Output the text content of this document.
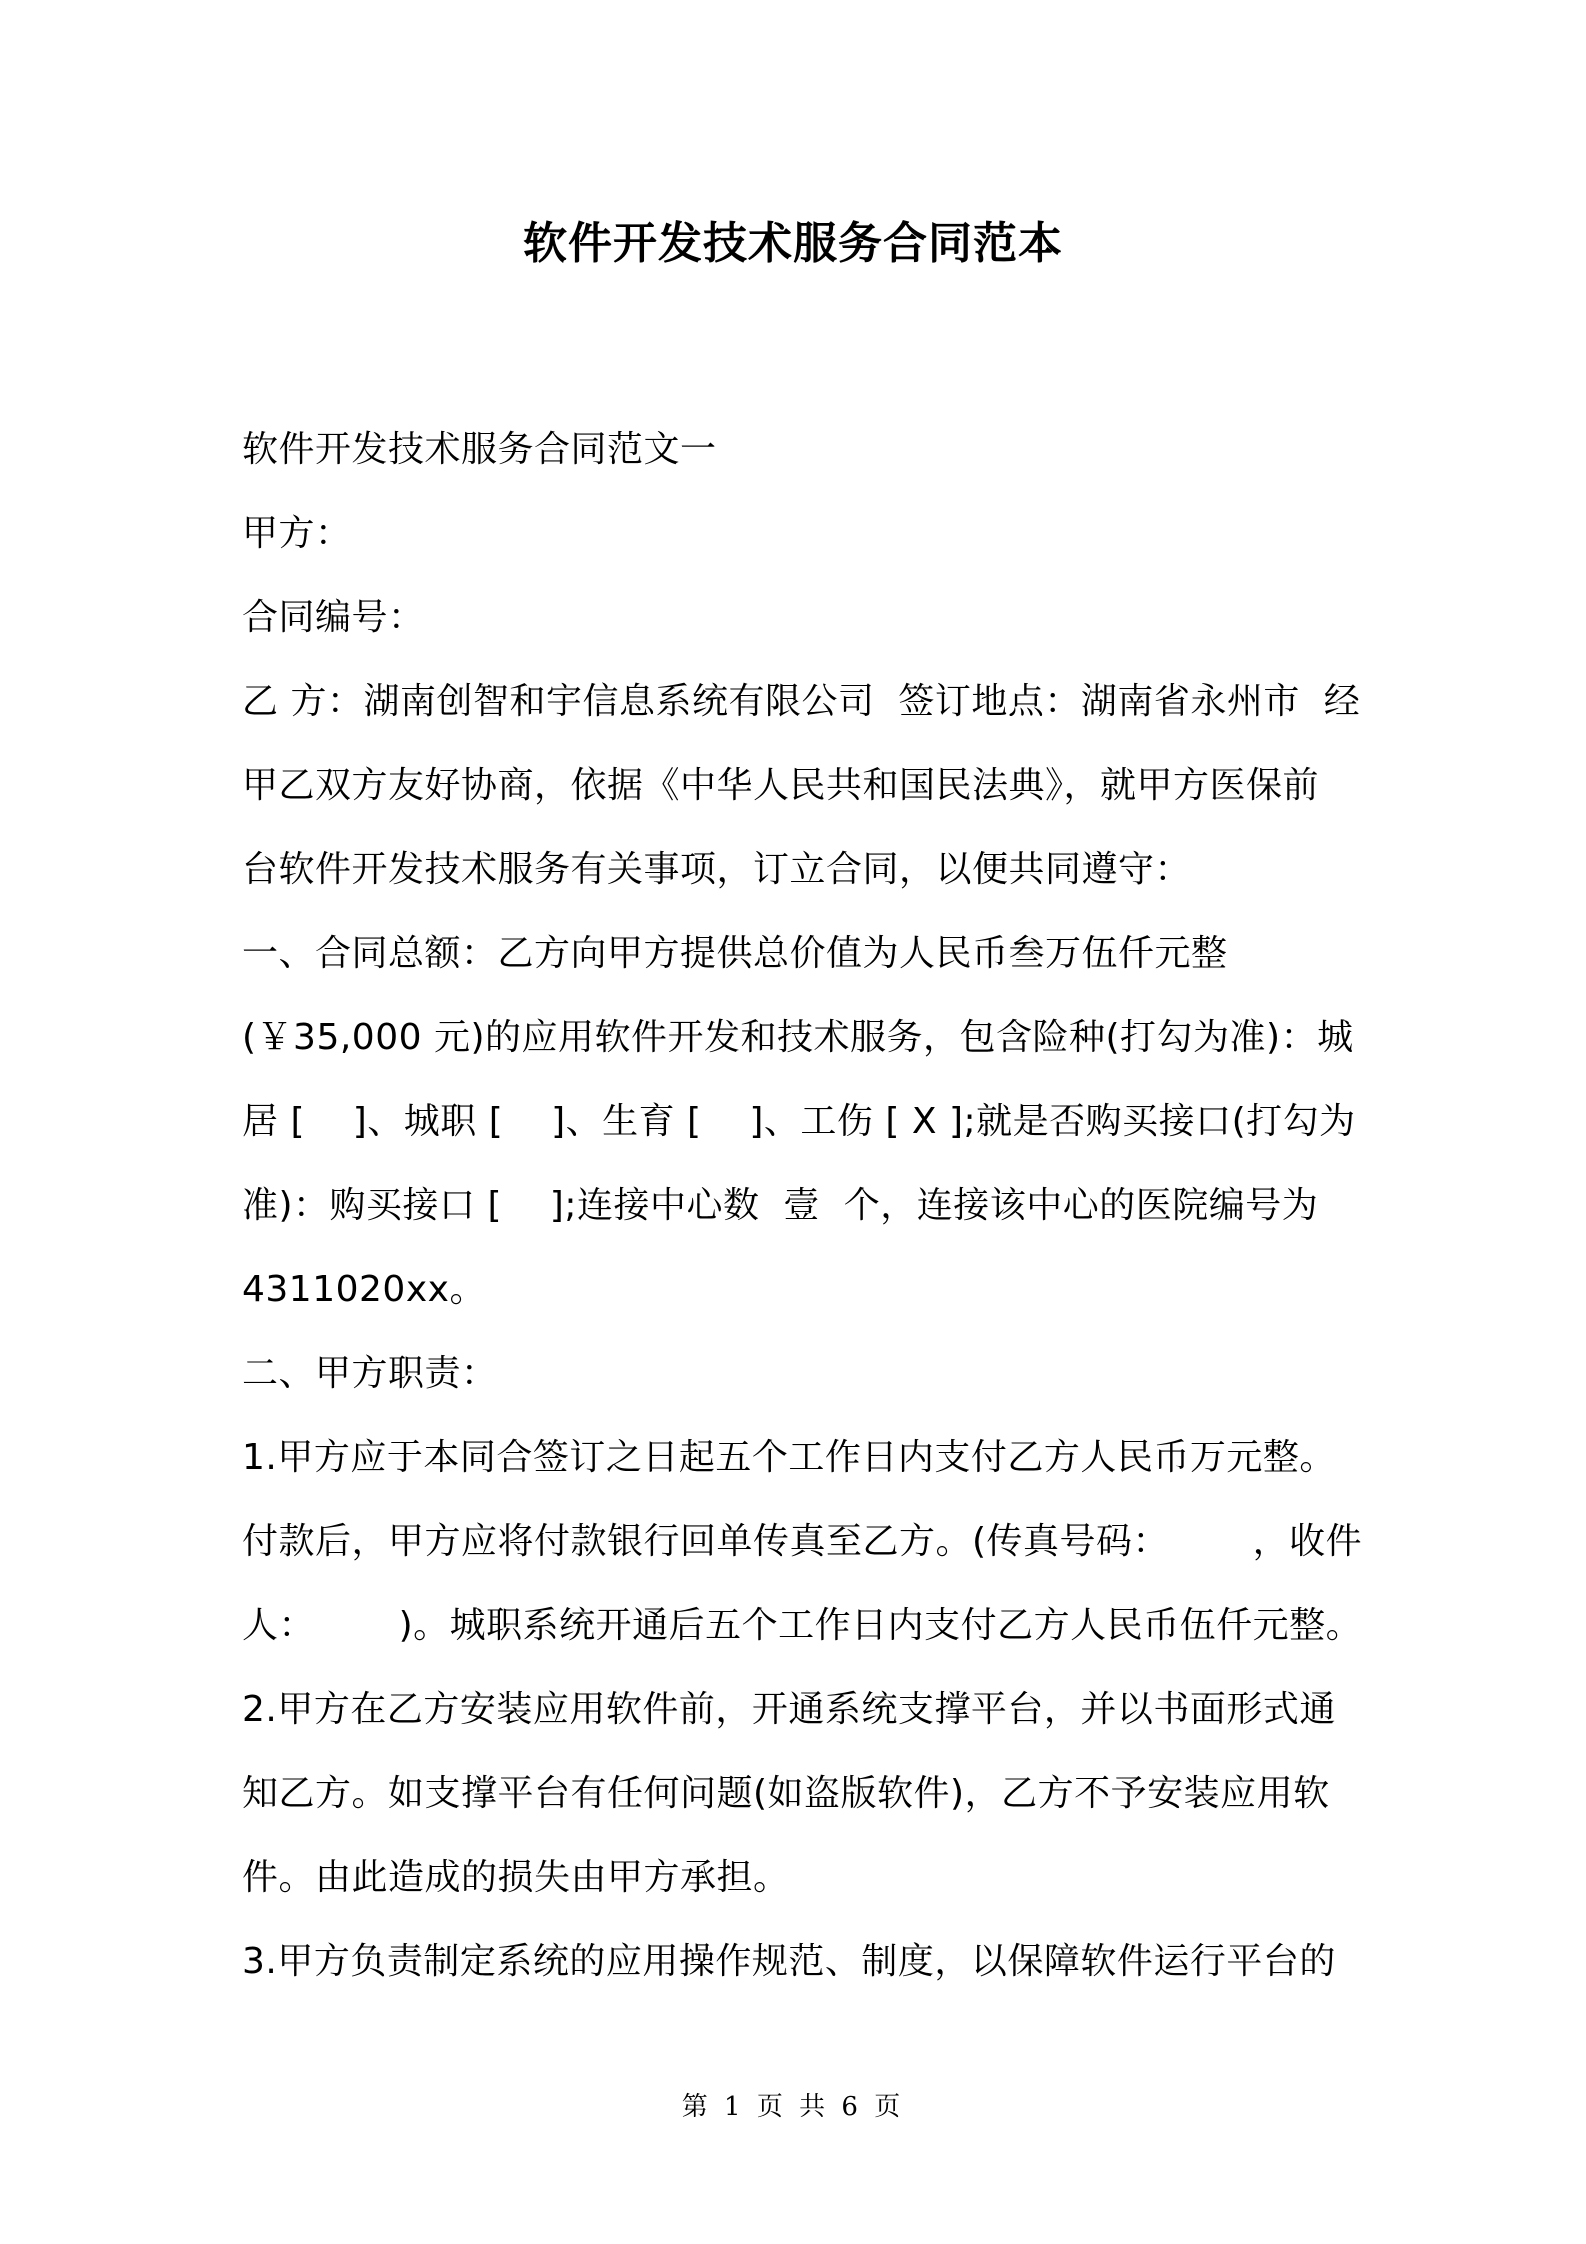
软件开发技术服务合同范本
软件开发技术服务合同范文一
甲方：
合同编号：
乙 方：湖南创智和宇信息系统有限公司  签订地点：湖南省永州市  经
甲乙双方友好协商，依据《中华人民共和国民法典》，就甲方医保前
台软件开发技术服务有关事项，订立合同，以便共同遵守：
一、合同总额：乙方向甲方提供总价值为人民币叁万伍仟元整
(￥35,000 元)的应用软件开发和技术服务，包含险种(打勾为准)：城
居 [    ]、城职 [    ]、生育 [    ]、工伤 [ X ];就是否购买接口(打勾为
准)：购买接口 [    ];连接中心数  壹  个，连接该中心的医院编号为
4311020xx。
二、甲方职责：
1.甲方应于本同合签订之日起五个工作日内支付乙方人民币万元整。
付款后，甲方应将付款银行回单传真至乙方。(传真号码：       ，收件
人：       )。城职系统开通后五个工作日内支付乙方人民币伍仟元整。
2.甲方在乙方安装应用软件前，开通系统支撑平台，并以书面形式通
知乙方。如支撑平台有任何问题(如盗版软件)，乙方不予安装应用软
件。由此造成的损失由甲方承担。
3.甲方负责制定系统的应用操作规范、制度，以保障软件运行平台的
第 1 页 共 6 页
